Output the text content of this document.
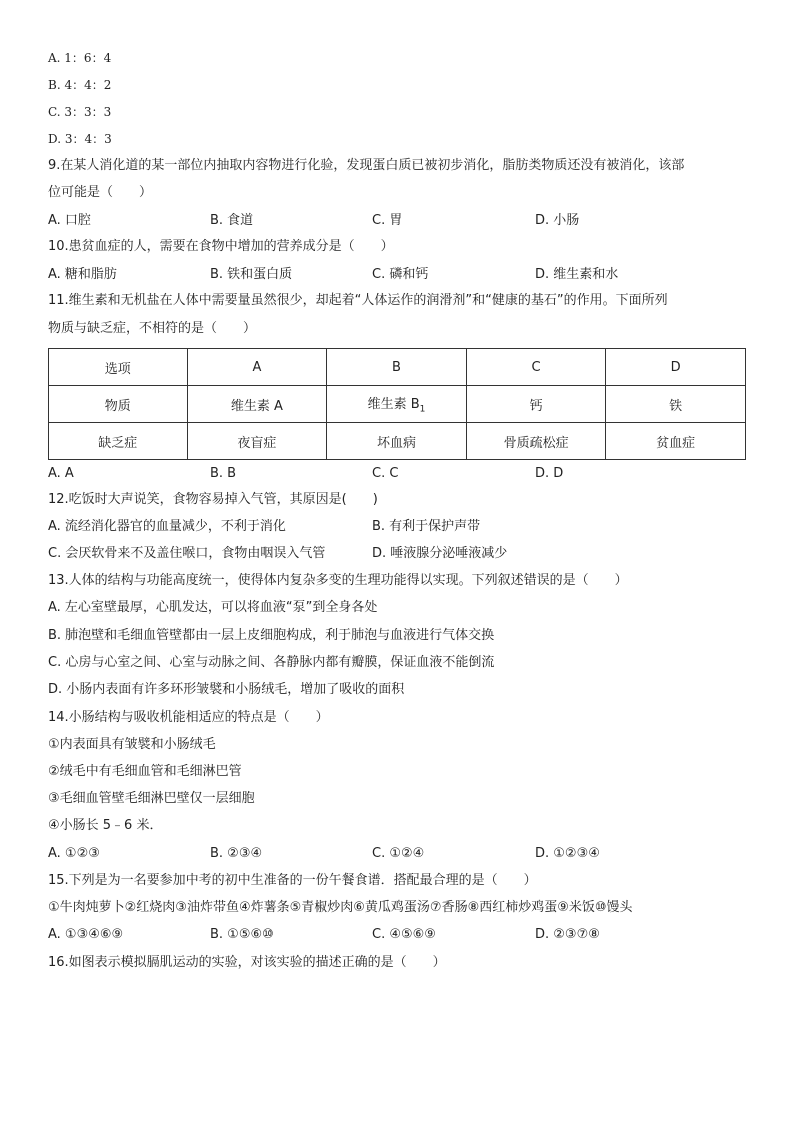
A. 1：6：4
B. 4：4：2
C. 3：3：3
D. 3：4：3
9.在某人消化道的某一部位内抽取内容物进行化验，发现蛋白质已被初步消化，脂肪类物质还没有被消化，该部
位可能是（　　）
A. 口腔	B. 食道	C. 胃	D. 小肠
10.患贫血症的人，需要在食物中增加的营养成分是（　　）
A. 糖和脂肪	B. 铁和蛋白质	C. 磷和钙	D. 维生素和水
11.维生素和无机盐在人体中需要量虽然很少，却起着“人体运作的润滑剂”和“健康的基石”的作用。下面所列
物质与缺乏症，不相符的是（　　）
选项	A	B	C	D
物质	维生素 A	维生素 $B_1$	钙	铁
缺乏症	夜盲症	坏血病	骨质疏松症	贫血症
A. A	B. B	C. C	D. D
12.吃饭时大声说笑，食物容易掉入气管，其原因是(　　)
A. 流经消化器官的血量减少，不利于消化	B. 有利于保护声带
C. 会厌软骨来不及盖住喉口，食物由咽误入气管	D. 唾液腺分泌唾液减少
13.人体的结构与功能高度统一，使得体内复杂多变的生理功能得以实现。下列叙述错误的是（　　）
A. 左心室壁最厚，心肌发达，可以将血液“泵”到全身各处
B. 肺泡壁和毛细血管壁都由一层上皮细胞构成，利于肺泡与血液进行气体交换
C. 心房与心室之间、心室与动脉之间、各静脉内都有瓣膜，保证血液不能倒流
D. 小肠内表面有许多环形皱襞和小肠绒毛，增加了吸收的面积
14.小肠结构与吸收机能相适应的特点是（　　）
①内表面具有皱襞和小肠绒毛
②绒毛中有毛细血管和毛细淋巴管
③毛细血管壁毛细淋巴壁仅一层细胞
④小肠长 5﹣6 米．
A. ①②③	B. ②③④	C. ①②④	D. ①②③④
15.下列是为一名要参加中考的初中生准备的一份午餐食谱．搭配最合理的是（　　）
①牛肉炖萝卜②红烧肉③油炸带鱼④炸薯条⑤青椒炒肉⑥黄瓜鸡蛋汤⑦香肠⑧西红柿炒鸡蛋⑨米饭⑩馒头
A. ①③④⑥⑨	B. ①⑤⑥⑩	C. ④⑤⑥⑨	D. ②③⑦⑧
16.如图表示模拟膈肌运动的实验，对该实验的描述正确的是（　　）
